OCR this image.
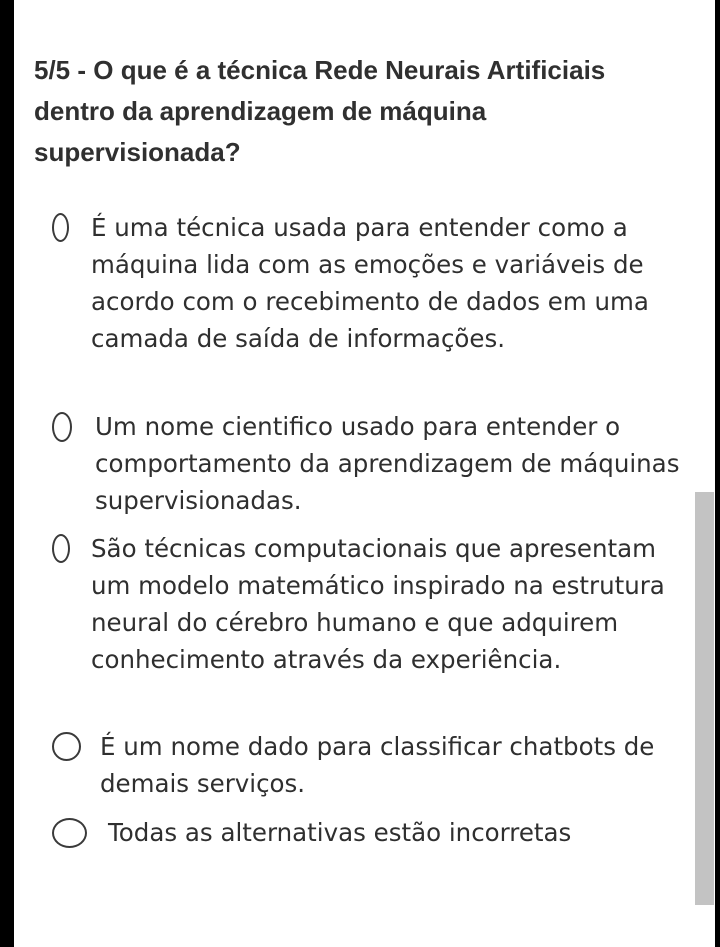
5/5 - O que é a técnica Rede Neurais Artificiais dentro da aprendizagem de máquina supervisionada?
É uma técnica usada para entender como a máquina lida com as emoções e variáveis de acordo com o recebimento de dados em uma camada de saída de informações.
Um nome cientifico usado para entender o comportamento da aprendizagem de máquinas supervisionadas.
São técnicas computacionais que apresentam um modelo matemático inspirado na estrutura neural do cérebro humano e que adquirem conhecimento através da experiência.
É um nome dado para classificar chatbots de demais serviços.
Todas as alternativas estão incorretas
